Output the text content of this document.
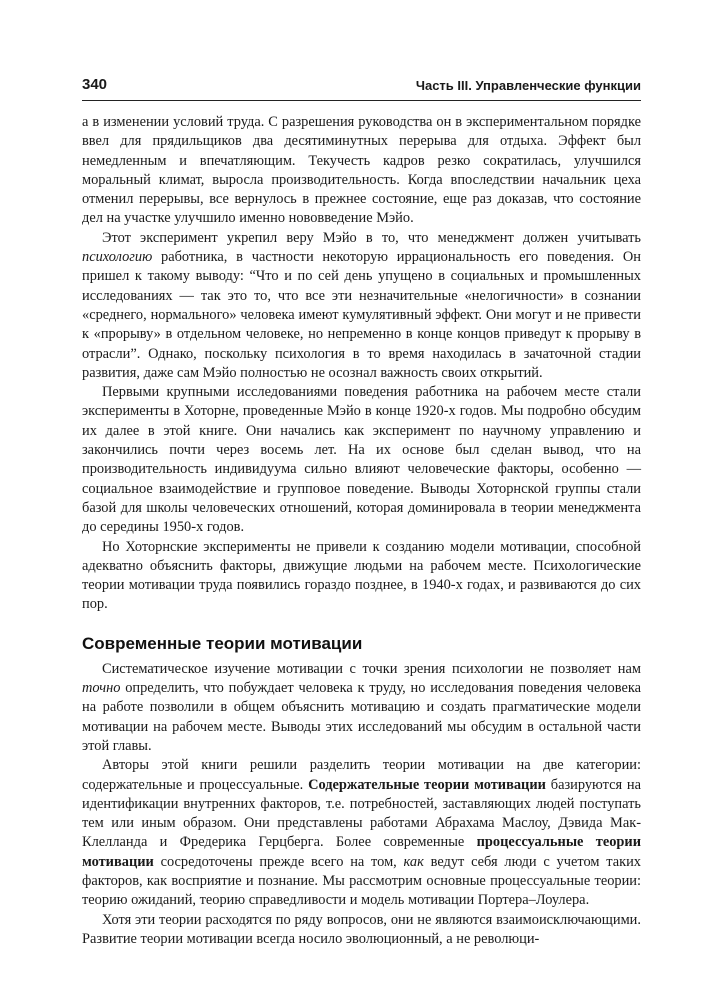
340	Часть III. Управленческие функции

а в изменении условий труда. С разрешения руководства он в экспериментальном порядке ввел для прядильщиков два десятиминутных перерыва для отдыха. Эффект был немедленным и впечатляющим. Текучесть кадров резко сократилась, улучшился моральный климат, выросла производительность. Когда впоследствии начальник цеха отменил перерывы, все вернулось в прежнее состояние, еще раз доказав, что состояние дел на участке улучшило именно нововведение Мэйо.

Этот эксперимент укрепил веру Мэйо в то, что менеджмент должен учитывать психологию работника, в частности некоторую иррациональность его поведения. Он пришел к такому выводу: “Что и по сей день упущено в социальных и промышленных исследованиях — так это то, что все эти незначительные «нелогичности» в сознании «среднего, нормального» человека имеют кумулятивный эффект. Они могут и не привести к «прорыву» в отдельном человеке, но непременно в конце концов приведут к прорыву в отрасли”. Однако, поскольку психология в то время находилась в зачаточной стадии развития, даже сам Мэйо полностью не осознал важность своих открытий.

Первыми крупными исследованиями поведения работника на рабочем месте стали эксперименты в Хоторне, проведенные Мэйо в конце 1920-х годов. Мы подробно обсудим их далее в этой книге. Они начались как эксперимент по научному управлению и закончились почти через восемь лет. На их основе был сделан вывод, что на производительность индивидуума сильно влияют человеческие факторы, особенно — социальное взаимодействие и групповое поведение. Выводы Хоторнской группы стали базой для школы человеческих отношений, которая доминировала в теории менеджмента до середины 1950-х годов.

Но Хоторнские эксперименты не привели к созданию модели мотивации, способной адекватно объяснить факторы, движущие людьми на рабочем месте. Психологические теории мотивации труда появились гораздо позднее, в 1940-х годах, и развиваются до сих пор.

Современные теории мотивации

Систематическое изучение мотивации с точки зрения психологии не позволяет нам точно определить, что побуждает человека к труду, но исследования поведения человека на работе позволили в общем объяснить мотивацию и создать прагматические модели мотивации на рабочем месте. Выводы этих исследований мы обсудим в остальной части этой главы.

Авторы этой книги решили разделить теории мотивации на две категории: содержательные и процессуальные. Содержательные теории мотивации базируются на идентификации внутренних факторов, т.е. потребностей, заставляющих людей поступать тем или иным образом. Они представлены работами Абрахама Маслоу, Дэвида Мак-Клелланда и Фредерика Герцберга. Более современные процессуальные теории мотивации сосредоточены прежде всего на том, как ведут себя люди с учетом таких факторов, как восприятие и познание. Мы рассмотрим основные процессуальные теории: теорию ожиданий, теорию справедливости и модель мотивации Портера–Лоулера.

Хотя эти теории расходятся по ряду вопросов, они не являются взаимоисключающими. Развитие теории мотивации всегда носило эволюционный, а не революци-
